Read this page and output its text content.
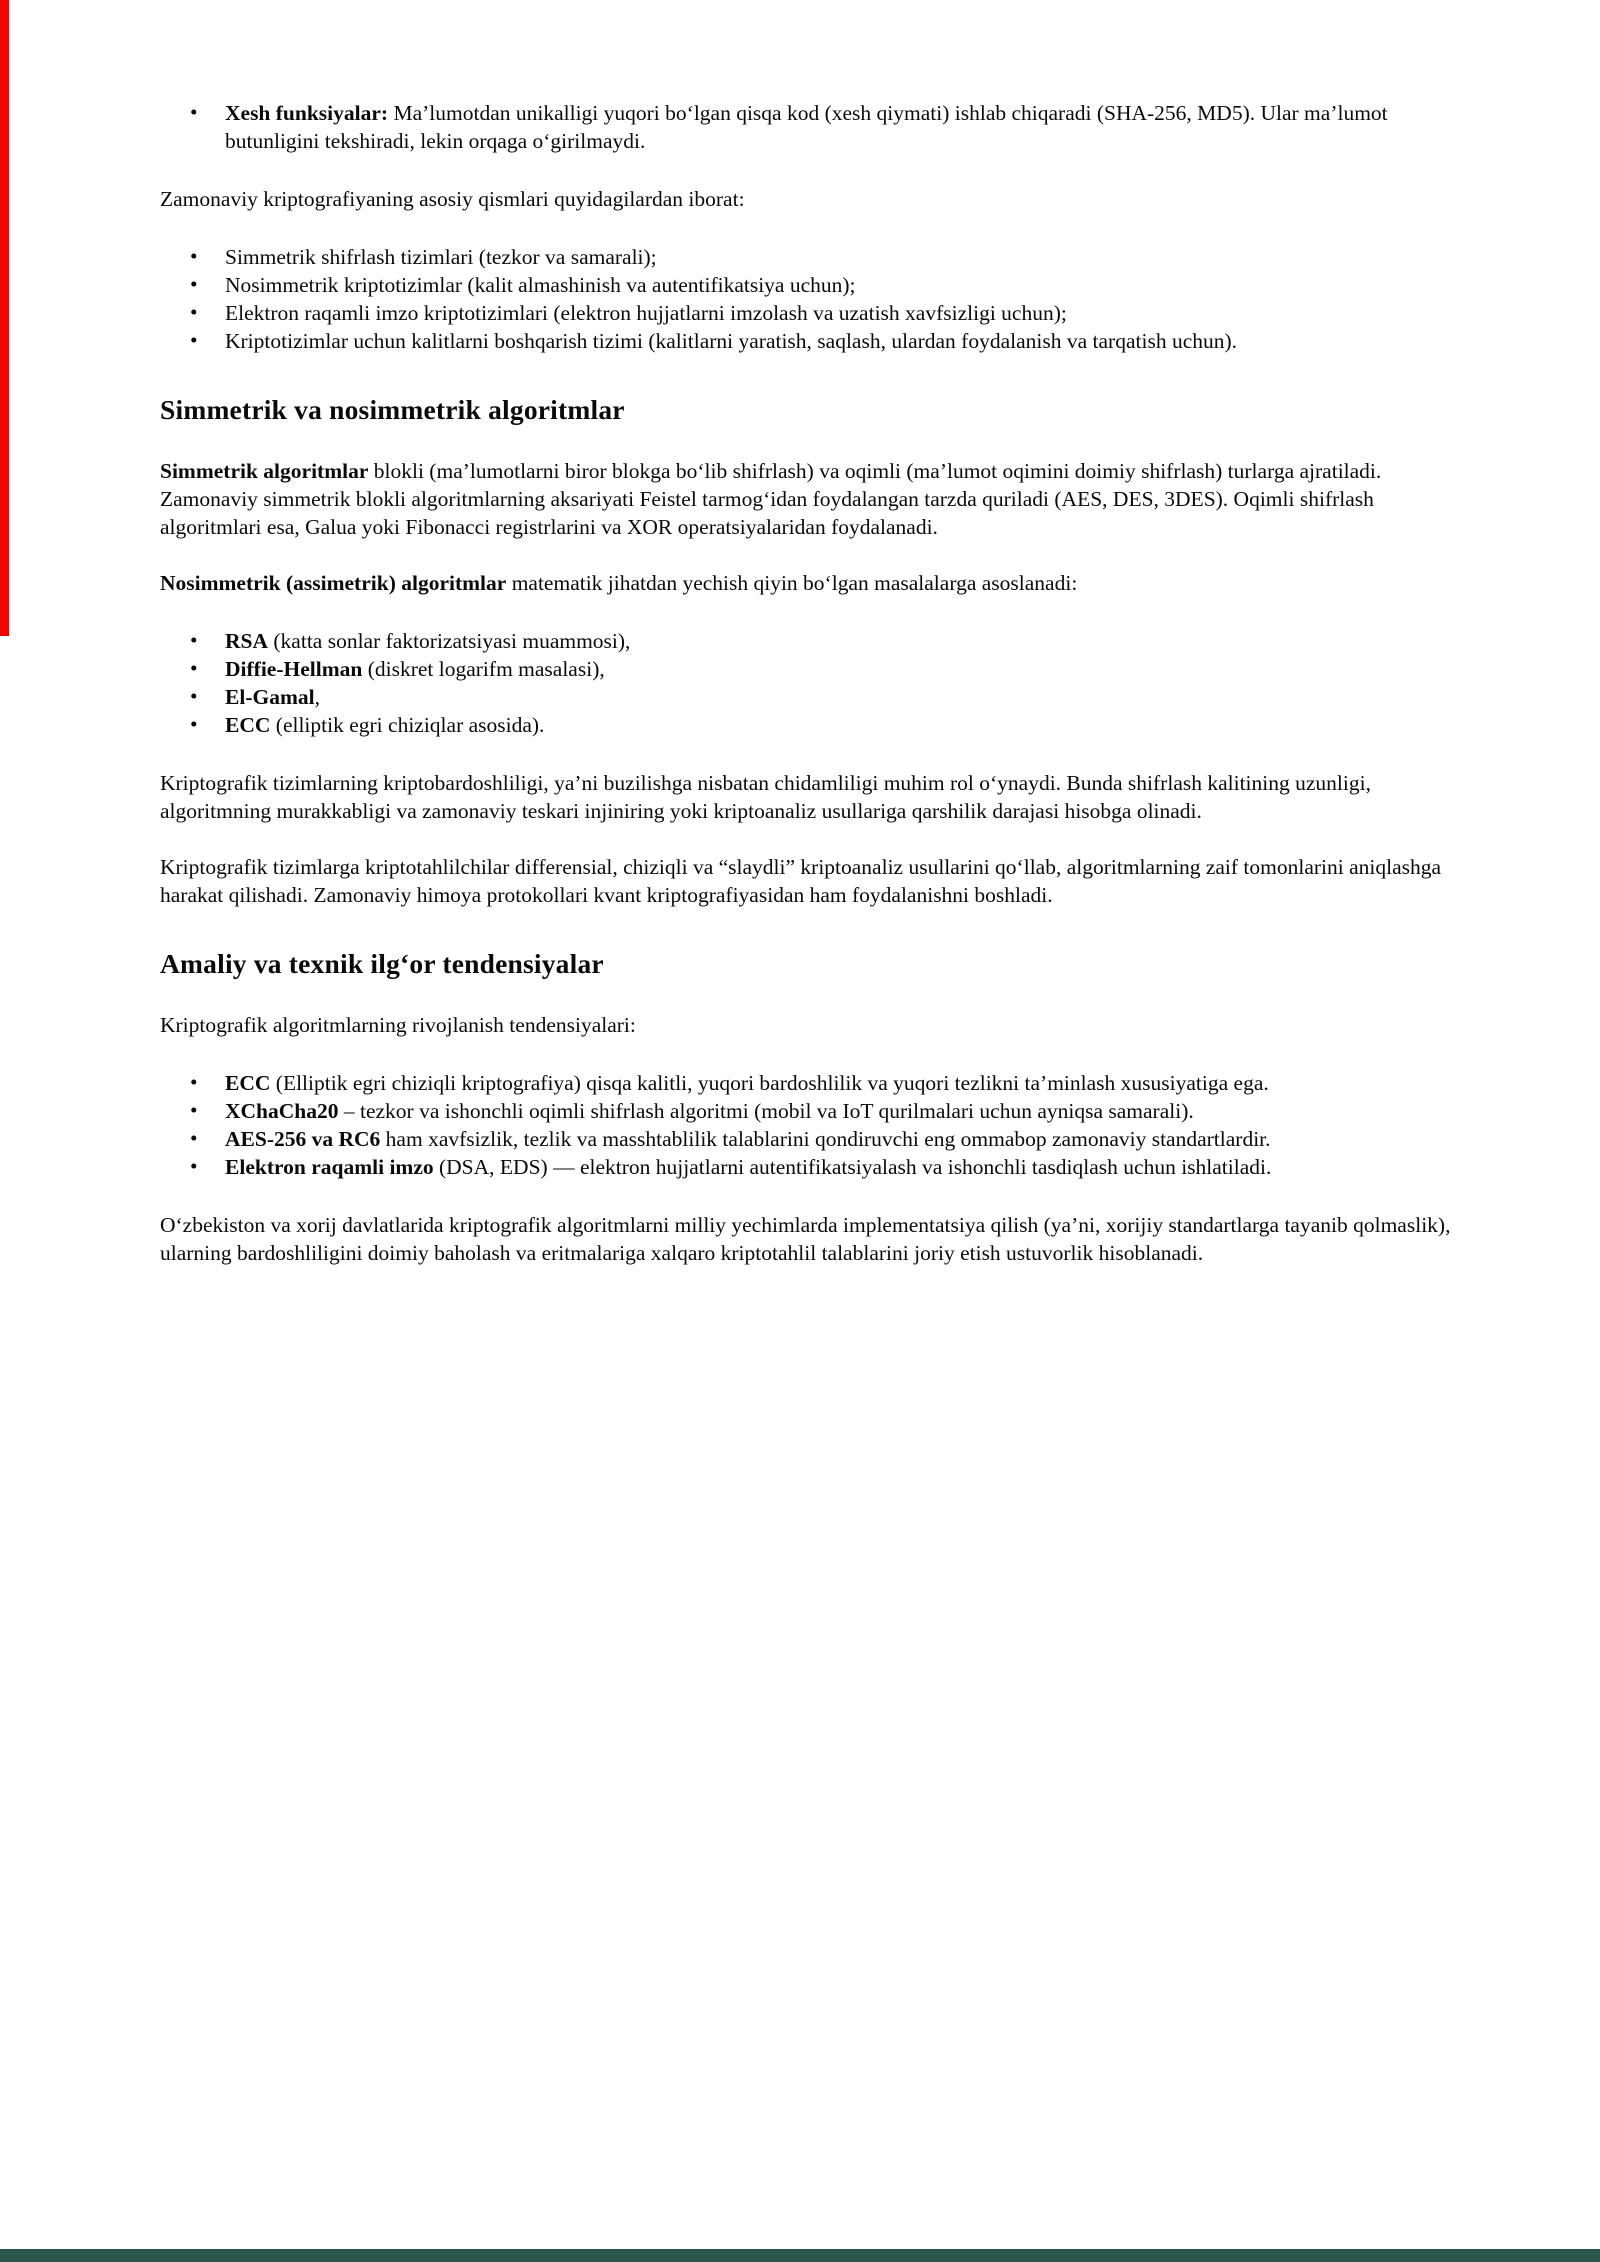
• Xesh funksiyalar: Ma’lumotdan unikalligi yuqori boʻlgan qisqa kod (xesh qiymati) ishlab chiqaradi (SHA-256, MD5). Ular ma’lumot butunligini tekshiradi, lekin orqaga oʻgirilmaydi.

Zamonaviy kriptografiyaning asosiy qismlari quyidagilardan iborat:

• Simmetrik shifrlash tizimlari (tezkor va samarali);
• Nosimmetrik kriptotizimlar (kalit almashinish va autentifikatsiya uchun);
• Elektron raqamli imzo kriptotizimlari (elektron hujjatlarni imzolash va uzatish xavfsizligi uchun);
• Kriptotizimlar uchun kalitlarni boshqarish tizimi (kalitlarni yaratish, saqlash, ulardan foydalanish va tarqatish uchun).
Simmetrik va nosimmetrik algoritmlar

Simmetrik algoritmlar blokli (ma’lumotlarni biror blokga boʻlib shifrlash) va oqimli (ma’lumot oqimini doimiy shifrlash) turlarga ajratiladi. Zamonaviy simmetrik blokli algoritmlarning aksariyati Feistel tarmogʻidan foydalangan tarzda quriladi (AES, DES, 3DES). Oqimli shifrlash algoritmlari esa, Galua yoki Fibonacci registrlarini va XOR operatsiyalaridan foydalanadi.

Nosimmetrik (assimetrik) algoritmlar matematik jihatdan yechish qiyin boʻlgan masalalarga asoslanadi:

• RSA (katta sonlar faktorizatsiyasi muammosi),
• Diffie-Hellman (diskret logarifm masalasi),
• El-Gamal,
• ECC (elliptik egri chiziqlar asosida).

Kriptografik tizimlarning kriptobardoshliligi, ya’ni buzilishga nisbatan chidamliligi muhim rol oʻynaydi. Bunda shifrlash kalitining uzunligi, algoritmning murakkabligi va zamonaviy teskari injiniring yoki kriptoanaliz usullariga qarshilik darajasi hisobga olinadi.

Kriptografik tizimlarga kriptotahlilchilar differensial, chiziqli va “slaydli” kriptoanaliz usullarini qoʻllab, algoritmlarning zaif tomonlarini aniqlashga harakat qilishadi. Zamonaviy himoya protokollari kvant kriptografiyasidan ham foydalanishni boshladi.

Amaliy va texnik ilgʻor tendensiyalar

Kriptografik algoritmlarning rivojlanish tendensiyalari:

• ECC (Elliptik egri chiziqli kriptografiya) qisqa kalitli, yuqori bardoshlilik va yuqori tezlikni ta’minlash xususiyatiga ega.
• XChaCha20 – tezkor va ishonchli oqimli shifrlash algoritmi (mobil va IoT qurilmalari uchun ayniqsa samarali).
• AES-256 va RC6 ham xavfsizlik, tezlik va masshtablilik talablarini qondiruvchi eng ommabop zamonaviy standartlardir.
• Elektron raqamli imzo (DSA, EDS) — elektron hujjatlarni autentifikatsiyalash va ishonchli tasdiqlash uchun ishlatiladi.

Oʻzbekiston va xorij davlatlarida kriptografik algoritmlarni milliy yechimlarda implementatsiya qilish (ya’ni, xorijiy standartlarga tayanib qolmaslik), ularning bardoshliligini doimiy baholash va eritmalariga xalqaro kriptotahlil talablarini joriy etish ustuvorlik hisoblanadi.
